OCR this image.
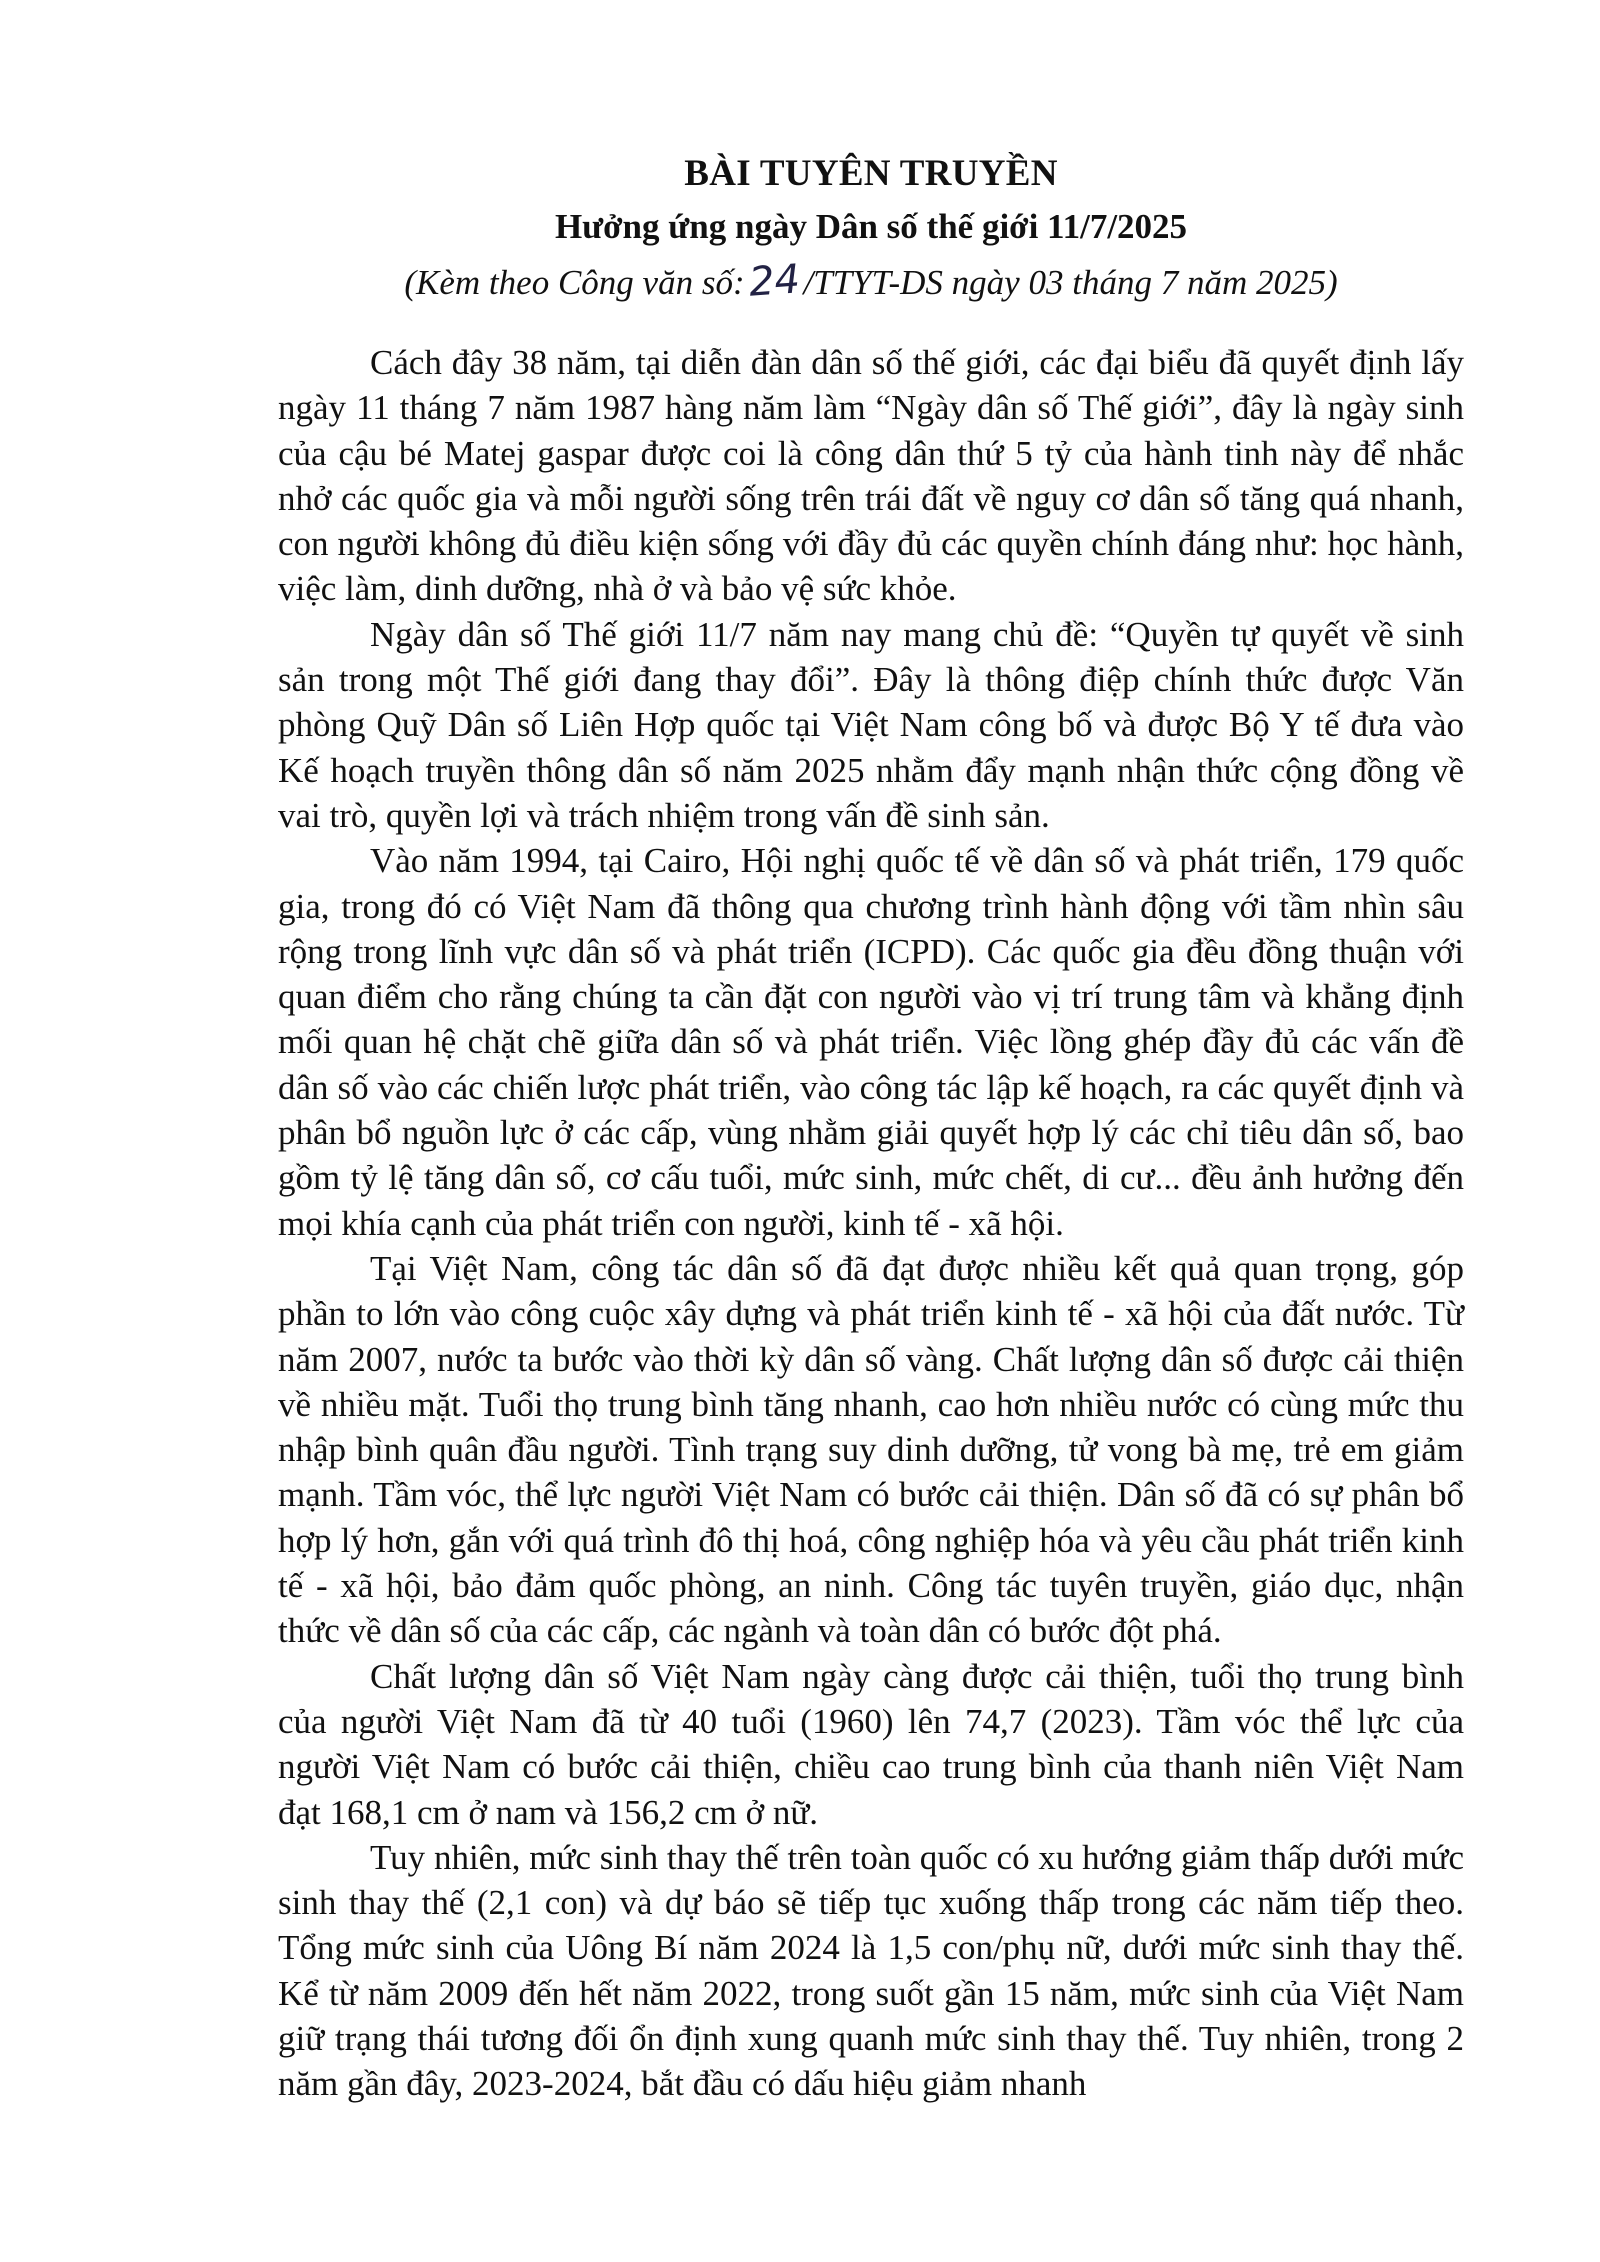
BÀI TUYÊN TRUYỀN
Hưởng ứng ngày Dân số thế giới 11/7/2025
(Kèm theo Công văn số:24/TTYT-DS ngày 03 tháng 7 năm 2025)

Cách đây 38 năm, tại diễn đàn dân số thế giới, các đại biểu đã quyết định lấy ngày 11 tháng 7 năm 1987 hàng năm làm “Ngày dân số Thế giới”, đây là ngày sinh của cậu bé Matej gaspar được coi là công dân thứ 5 tỷ của hành tinh này để nhắc nhở các quốc gia và mỗi người sống trên trái đất về nguy cơ dân số tăng quá nhanh, con người không đủ điều kiện sống với đầy đủ các quyền chính đáng như: học hành, việc làm, dinh dưỡng, nhà ở và bảo vệ sức khỏe.

Ngày dân số Thế giới 11/7 năm nay mang chủ đề: “Quyền tự quyết về sinh sản trong một Thế giới đang thay đổi”. Đây là thông điệp chính thức được Văn phòng Quỹ Dân số Liên Hợp quốc tại Việt Nam công bố và được Bộ Y tế đưa vào Kế hoạch truyền thông dân số năm 2025 nhằm đẩy mạnh nhận thức cộng đồng về vai trò, quyền lợi và trách nhiệm trong vấn đề sinh sản.

Vào năm 1994, tại Cairo, Hội nghị quốc tế về dân số và phát triển, 179 quốc gia, trong đó có Việt Nam đã thông qua chương trình hành động với tầm nhìn sâu rộng trong lĩnh vực dân số và phát triển (ICPD). Các quốc gia đều đồng thuận với quan điểm cho rằng chúng ta cần đặt con người vào vị trí trung tâm và khẳng định mối quan hệ chặt chẽ giữa dân số và phát triển. Việc lồng ghép đầy đủ các vấn đề dân số vào các chiến lược phát triển, vào công tác lập kế hoạch, ra các quyết định và phân bổ nguồn lực ở các cấp, vùng nhằm giải quyết hợp lý các chỉ tiêu dân số, bao gồm tỷ lệ tăng dân số, cơ cấu tuổi, mức sinh, mức chết, di cư... đều ảnh hưởng đến mọi khía cạnh của phát triển con người, kinh tế - xã hội.

Tại Việt Nam, công tác dân số đã đạt được nhiều kết quả quan trọng, góp phần to lớn vào công cuộc xây dựng và phát triển kinh tế - xã hội của đất nước. Từ năm 2007, nước ta bước vào thời kỳ dân số vàng. Chất lượng dân số được cải thiện về nhiều mặt. Tuổi thọ trung bình tăng nhanh, cao hơn nhiều nước có cùng mức thu nhập bình quân đầu người. Tình trạng suy dinh dưỡng, tử vong bà mẹ, trẻ em giảm mạnh. Tầm vóc, thể lực người Việt Nam có bước cải thiện. Dân số đã có sự phân bổ hợp lý hơn, gắn với quá trình đô thị hoá, công nghiệp hóa và yêu cầu phát triển kinh tế - xã hội, bảo đảm quốc phòng, an ninh. Công tác tuyên truyền, giáo dục, nhận thức về dân số của các cấp, các ngành và toàn dân có bước đột phá.

Chất lượng dân số Việt Nam ngày càng được cải thiện, tuổi thọ trung bình của người Việt Nam đã từ 40 tuổi (1960) lên 74,7 (2023). Tầm vóc thể lực của người Việt Nam có bước cải thiện, chiều cao trung bình của thanh niên Việt Nam đạt 168,1 cm ở nam và 156,2 cm ở nữ.

Tuy nhiên, mức sinh thay thế trên toàn quốc có xu hướng giảm thấp dưới mức sinh thay thế (2,1 con) và dự báo sẽ tiếp tục xuống thấp trong các năm tiếp theo. Tổng mức sinh của Uông Bí năm 2024 là 1,5 con/phụ nữ, dưới mức sinh thay thế. Kể từ năm 2009 đến hết năm 2022, trong suốt gần 15 năm, mức sinh của Việt Nam giữ trạng thái tương đối ổn định xung quanh mức sinh thay thế. Tuy nhiên, trong 2 năm gần đây, 2023-2024, bắt đầu có dấu hiệu giảm nhanh
